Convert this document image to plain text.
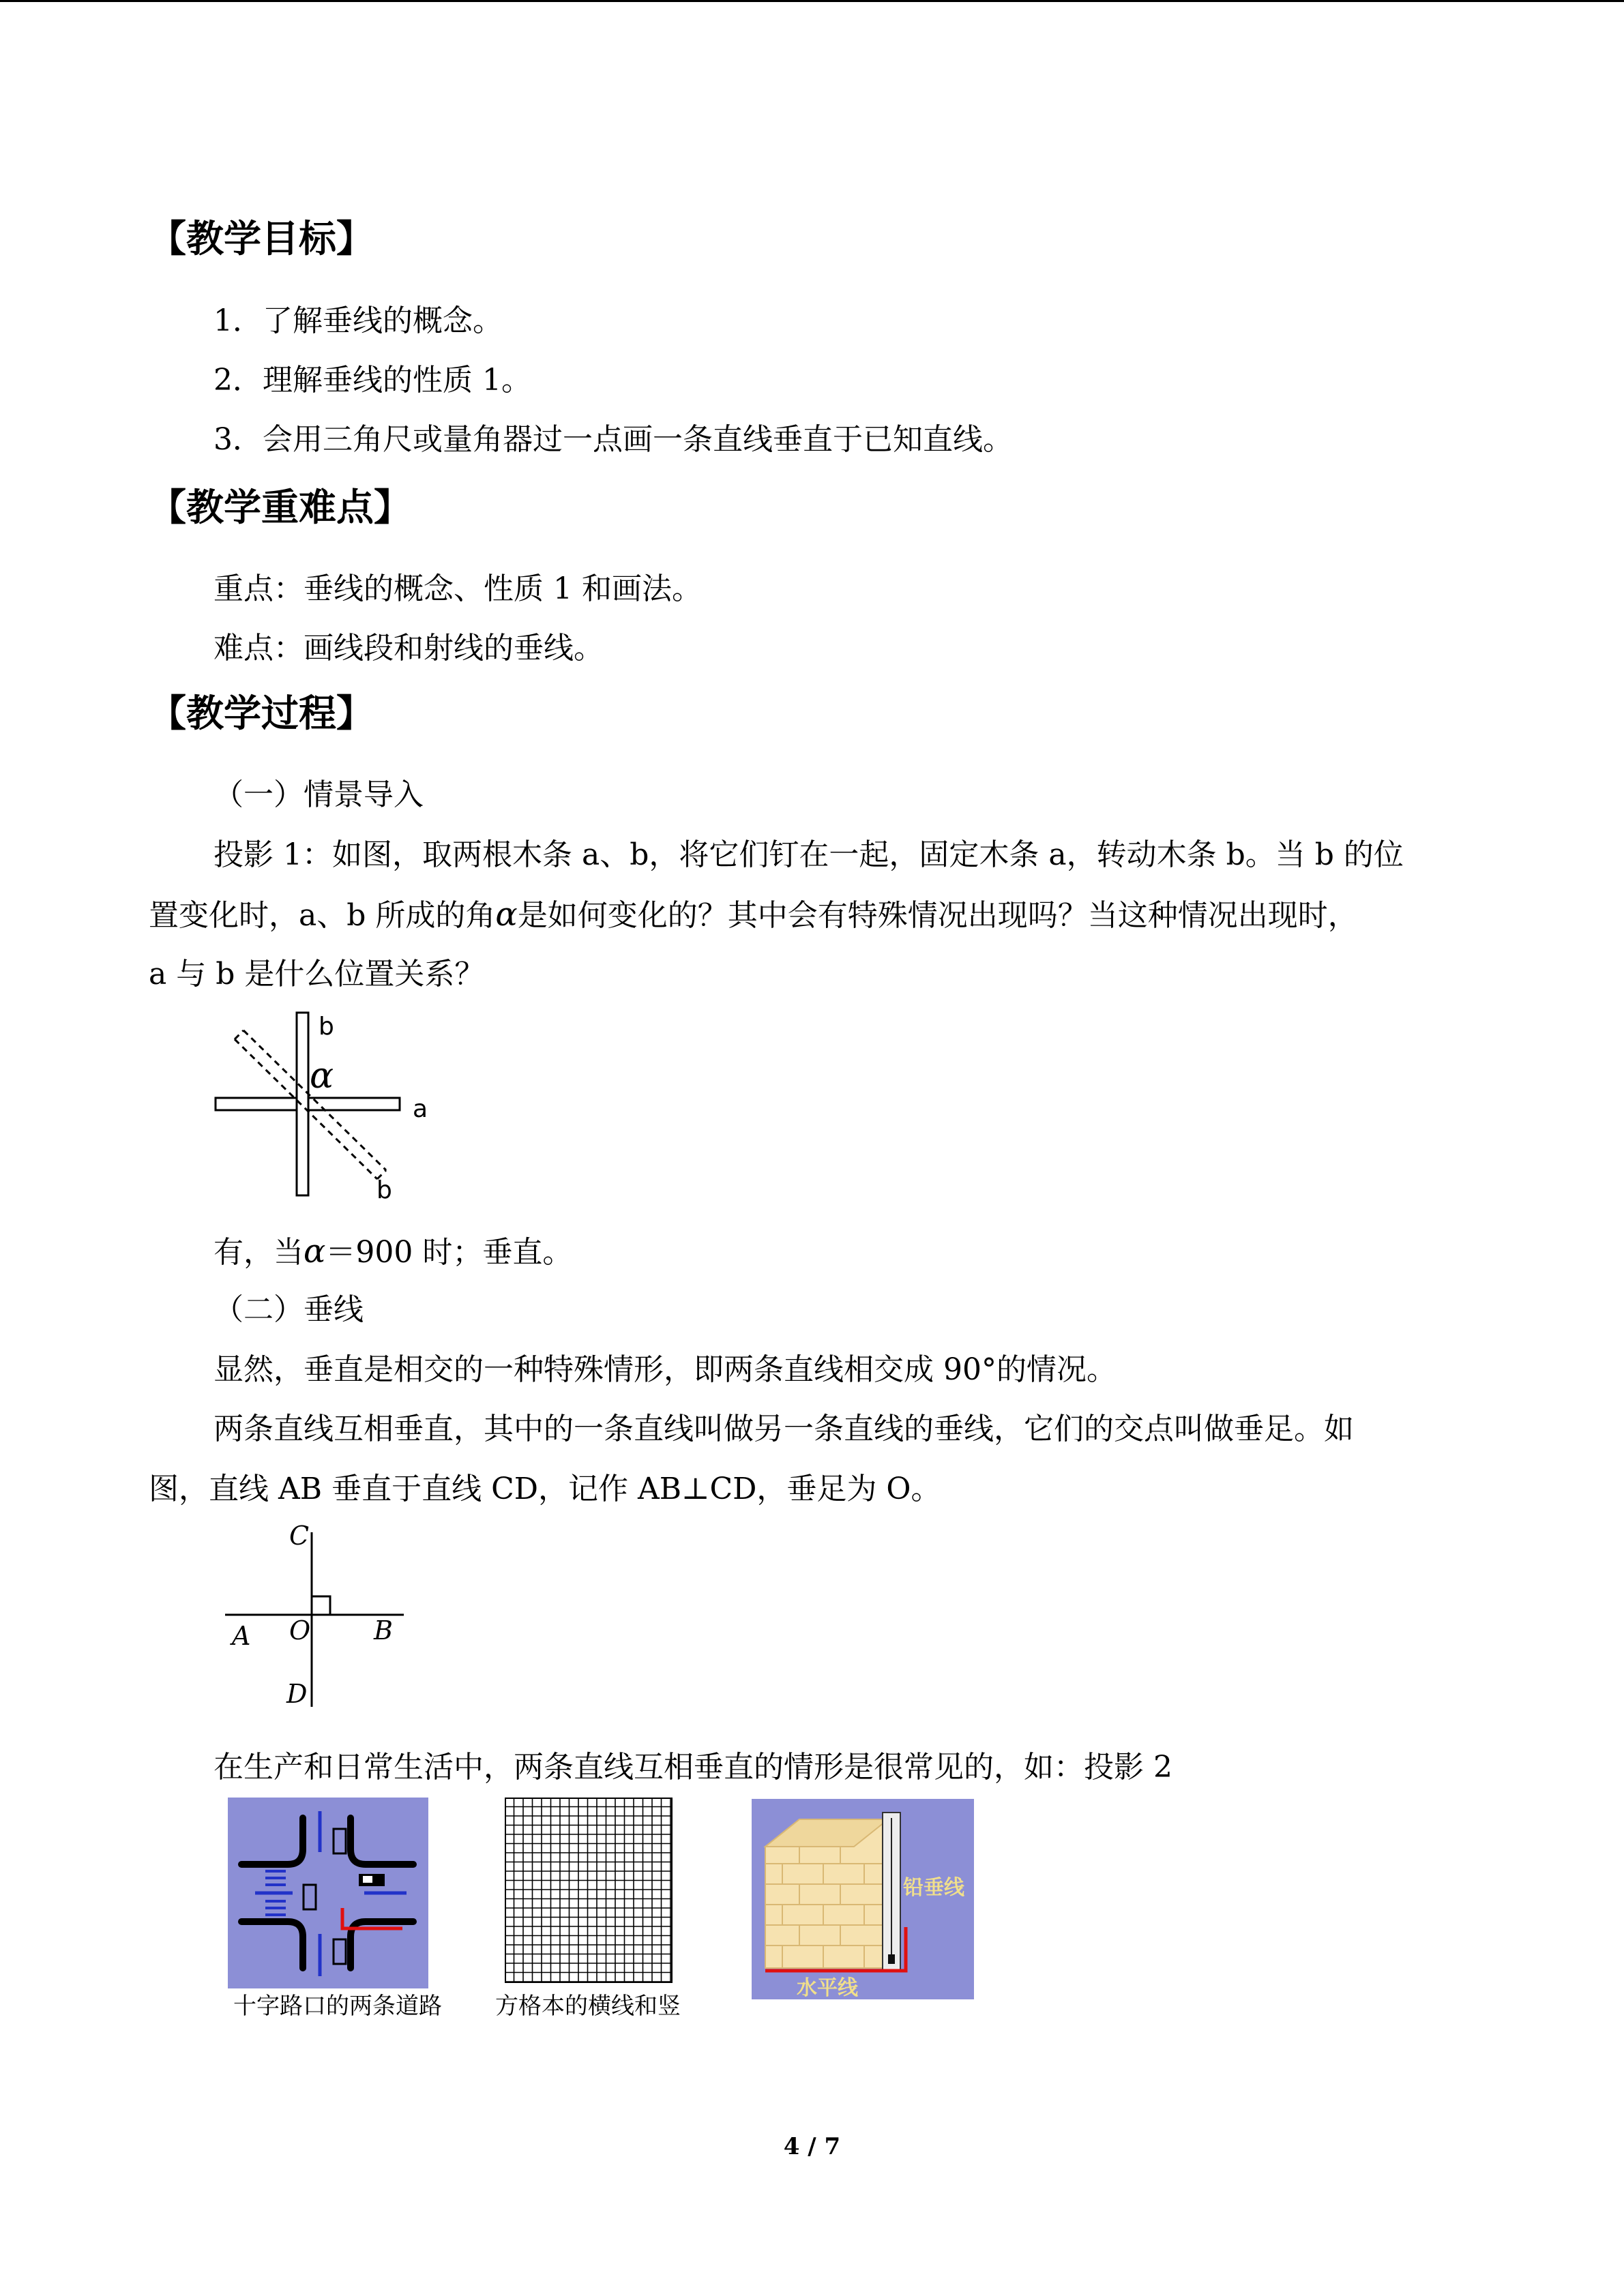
【教学目标】
1．了解垂线的概念。
2．理解垂线的性质 1。
3．会用三角尺或量角器过一点画一条直线垂直于已知直线。
【教学重难点】
重点：垂线的概念、性质 1 和画法。
难点：画线段和射线的垂线。
【教学过程】
（一）情景导入
投影 1：如图，取两根木条 a、b，将它们钉在一起，固定木条 a，转动木条 b。当 b 的位
置变化时，a、b 所成的角α是如何变化的？其中会有特殊情况出现吗？当这种情况出现时，
a 与 b 是什么位置关系？
b
α
a
b
有，当α＝900 时；垂直。
（二）垂线
显然，垂直是相交的一种特殊情形，即两条直线相交成 90°的情况。
两条直线互相垂直，其中的一条直线叫做另一条直线的垂线，它们的交点叫做垂足。如
图，直线 AB 垂直于直线 CD，记作 AB⊥CD，垂足为 O。
C
A O B
D
在生产和日常生活中，两条直线互相垂直的情形是很常见的，如：投影 2
十字路口的两条道路 方格本的横线和竖
铅垂线
水平线
4 / 7
